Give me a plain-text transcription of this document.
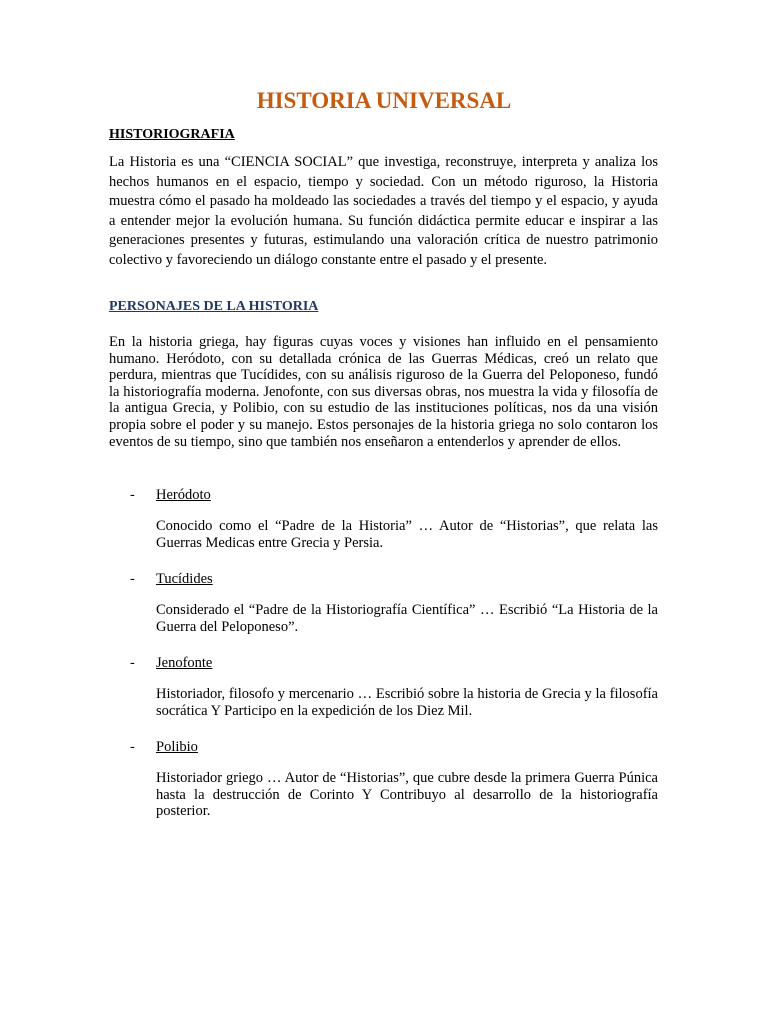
HISTORIA UNIVERSAL
HISTORIOGRAFIA

La Historia es una “CIENCIA SOCIAL” que investiga, reconstruye, interpreta y analiza los hechos humanos en el espacio, tiempo y sociedad. Con un método riguroso, la Historia muestra cómo el pasado ha moldeado las sociedades a través del tiempo y el espacio, y ayuda a entender mejor la evolución humana. Su función didáctica permite educar e inspirar a las generaciones presentes y futuras, estimulando una valoración crítica de nuestro patrimonio colectivo y favoreciendo un diálogo constante entre el pasado y el presente.

PERSONAJES DE LA HISTORIA

En la historia griega, hay figuras cuyas voces y visiones han influido en el pensamiento humano. Heródoto, con su detallada crónica de las Guerras Médicas, creó un relato que perdura, mientras que Tucídides, con su análisis riguroso de la Guerra del Peloponeso, fundó la historiografía moderna. Jenofonte, con sus diversas obras, nos muestra la vida y filosofía de la antigua Grecia, y Polibio, con su estudio de las instituciones políticas, nos da una visión propia sobre el poder y su manejo. Estos personajes de la historia griega no solo contaron los eventos de su tiempo, sino que también nos enseñaron a entenderlos y aprender de ellos.

- Heródoto

Conocido como el “Padre de la Historia” … Autor de “Historias”, que relata las Guerras Medicas entre Grecia y Persia.

- Tucídides

Considerado el “Padre de la Historiografía Científica” … Escribió “La Historia de la Guerra del Peloponeso”.

- Jenofonte

Historiador, filosofo y mercenario … Escribió sobre la historia de Grecia y la filosofía socrática Y Participo en la expedición de los Diez Mil.

- Polibio

Historiador griego … Autor de “Historias”, que cubre desde la primera Guerra Púnica hasta la destrucción de Corinto Y Contribuyo al desarrollo de la historiografía posterior.
